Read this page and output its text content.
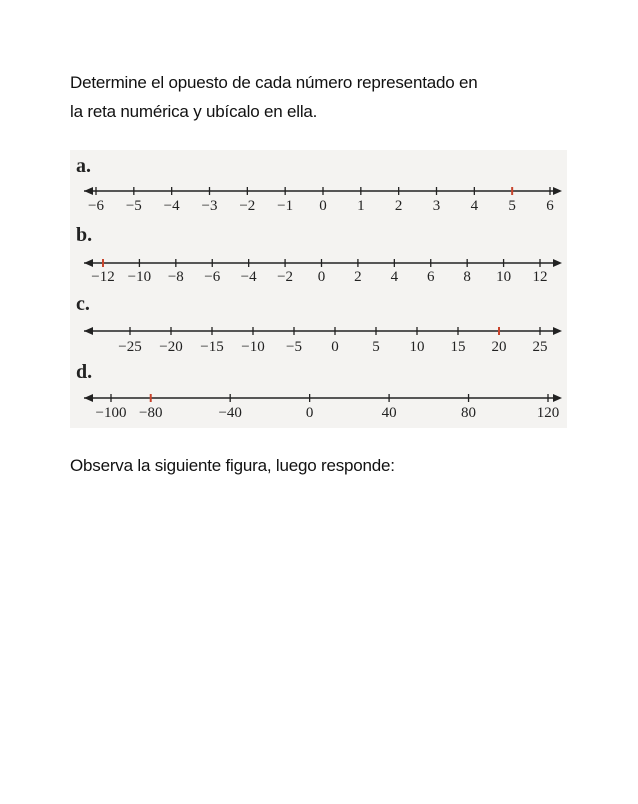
Determine el opuesto de cada número representado en
la reta numérica y ubícalo en ella.
a.
−6 −5 −4 −3 −2 −1 0 1 2 3 4 5 6
b.
−12 −10 −8 −6 −4 −2 0 2 4 6 8 10 12
c.
−25 −20 −15 −10 −5 0 5 10 15 20 25
d.
−100 −80	−40	0	40	80	120
Observa la siguiente figura, luego responde:
